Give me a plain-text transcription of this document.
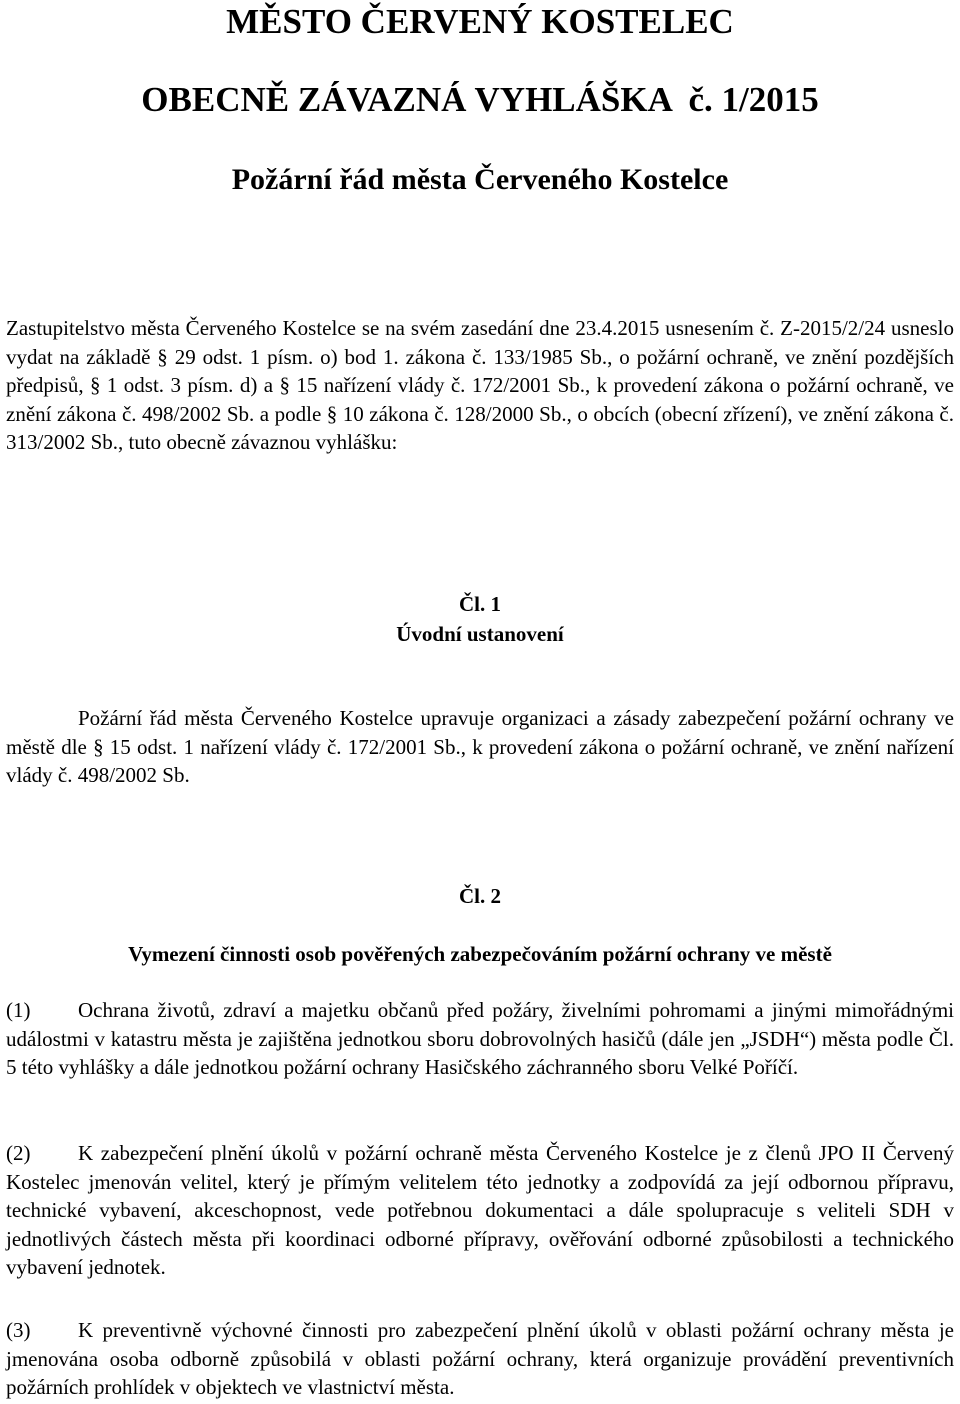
MĚSTO ČERVENÝ KOSTELEC
OBECNĚ ZÁVAZNÁ VYHLÁŠKA  č. 1/2015
Požární řád města Červeného Kostelce

Zastupitelstvo města Červeného Kostelce se na svém zasedání dne 23.4.2015 usnesením č. Z-2015/2/24 usneslo vydat na základě § 29 odst. 1 písm. o) bod 1. zákona č. 133/1985 Sb., o požární ochraně, ve znění pozdějších předpisů, § 1 odst. 3 písm. d) a § 15 nařízení vlády č. 172/2001 Sb., k provedení zákona o požární ochraně, ve znění zákona č. 498/2002 Sb. a podle § 10 zákona č. 128/2000 Sb., o obcích (obecní zřízení), ve znění zákona č. 313/2002 Sb., tuto obecně závaznou vyhlášku:

Čl. 1
Úvodní ustanovení

Požární řád města Červeného Kostelce upravuje organizaci a zásady zabezpečení požární ochrany ve městě dle § 15 odst. 1 nařízení vlády č. 172/2001 Sb., k provedení zákona o požární ochraně, ve znění nařízení vlády č. 498/2002 Sb.

Čl. 2
Vymezení činnosti osob pověřených zabezpečováním požární ochrany ve městě

(1) Ochrana životů, zdraví a majetku občanů před požáry, živelními pohromami a jinými mimořádnými událostmi v katastru města je zajištěna jednotkou sboru dobrovolných hasičů (dále jen „JSDH“) města podle Čl. 5 této vyhlášky a dále jednotkou požární ochrany Hasičského záchranného sboru Velké Poříčí.

(2) K zabezpečení plnění úkolů v požární ochraně města Červeného Kostelce je z členů JPO II Červený Kostelec jmenován velitel, který je přímým velitelem této jednotky a zodpovídá za její odbornou přípravu, technické vybavení, akceschopnost, vede potřebnou dokumentaci a dále spolupracuje s veliteli SDH v jednotlivých částech města při koordinaci odborné přípravy, ověřování odborné způsobilosti a technického vybavení jednotek.

(3) K preventivně výchovné činnosti pro zabezpečení plnění úkolů v oblasti požární ochrany města je jmenována osoba odborně způsobilá v oblasti požární ochrany, která organizuje provádění preventivních požárních prohlídek v objektech ve vlastnictví města.
